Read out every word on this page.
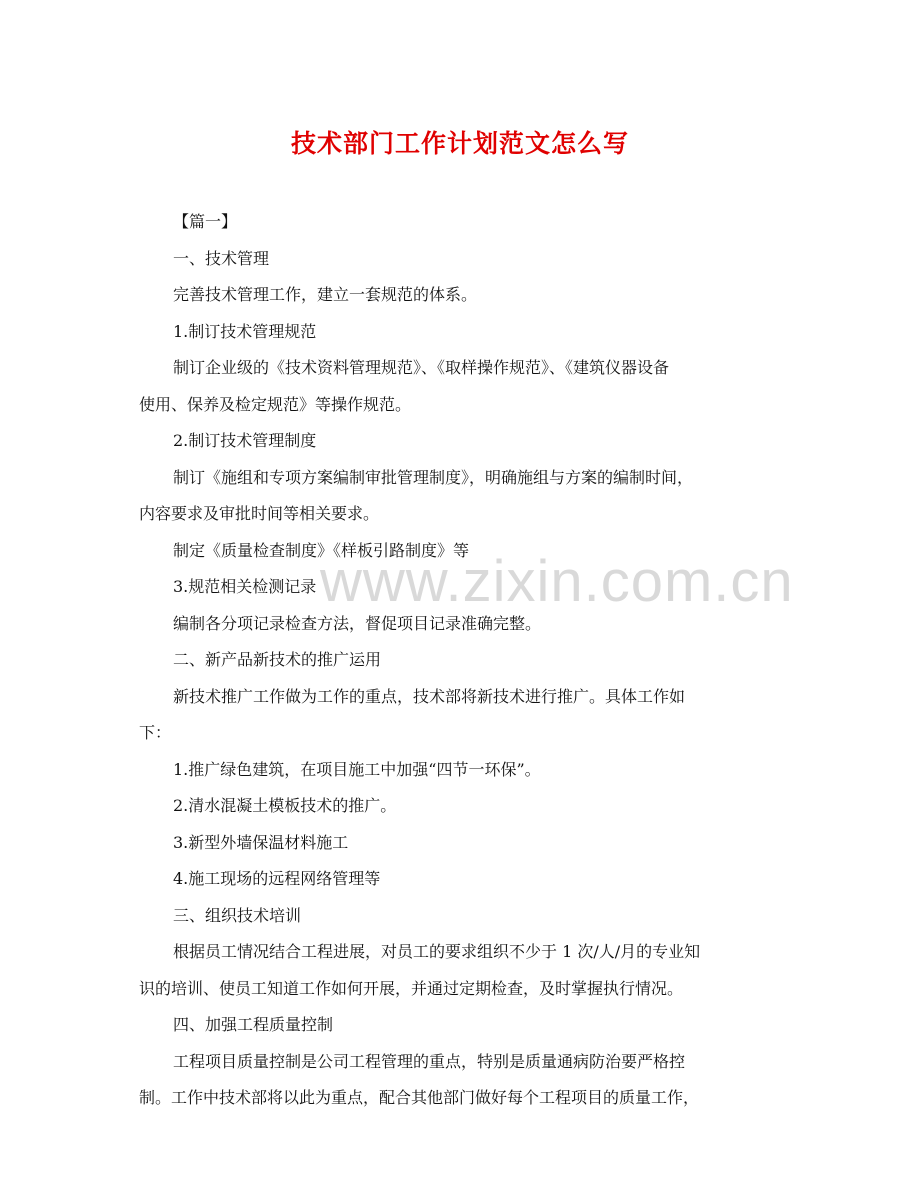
www.zixin.com.cn
技术部门工作计划范文怎么写

【篇一】

一、技术管理

完善技术管理工作，建立一套规范的体系。

1.制订技术管理规范

制订企业级的《技术资料管理规范》、《取样操作规范》、《建筑仪器设备

使用、保养及检定规范》等操作规范。

2.制订技术管理制度

制订《施组和专项方案编制审批管理制度》，明确施组与方案的编制时间，

内容要求及审批时间等相关要求。

制定《质量检查制度》《样板引路制度》等

3.规范相关检测记录

编制各分项记录检查方法，督促项目记录准确完整。

二、新产品新技术的推广运用

新技术推广工作做为工作的重点，技术部将新技术进行推广。具体工作如

下：

1.推广绿色建筑，在项目施工中加强“四节一环保”。

2.清水混凝土模板技术的推广。

3.新型外墙保温材料施工

4.施工现场的远程网络管理等

三、组织技术培训

根据员工情况结合工程进展，对员工的要求组织不少于 1 次/人/月的专业知

识的培训、使员工知道工作如何开展，并通过定期检查，及时掌握执行情况。

四、加强工程质量控制

工程项目质量控制是公司工程管理的重点，特别是质量通病防治要严格控

制。工作中技术部将以此为重点，配合其他部门做好每个工程项目的质量工作，
